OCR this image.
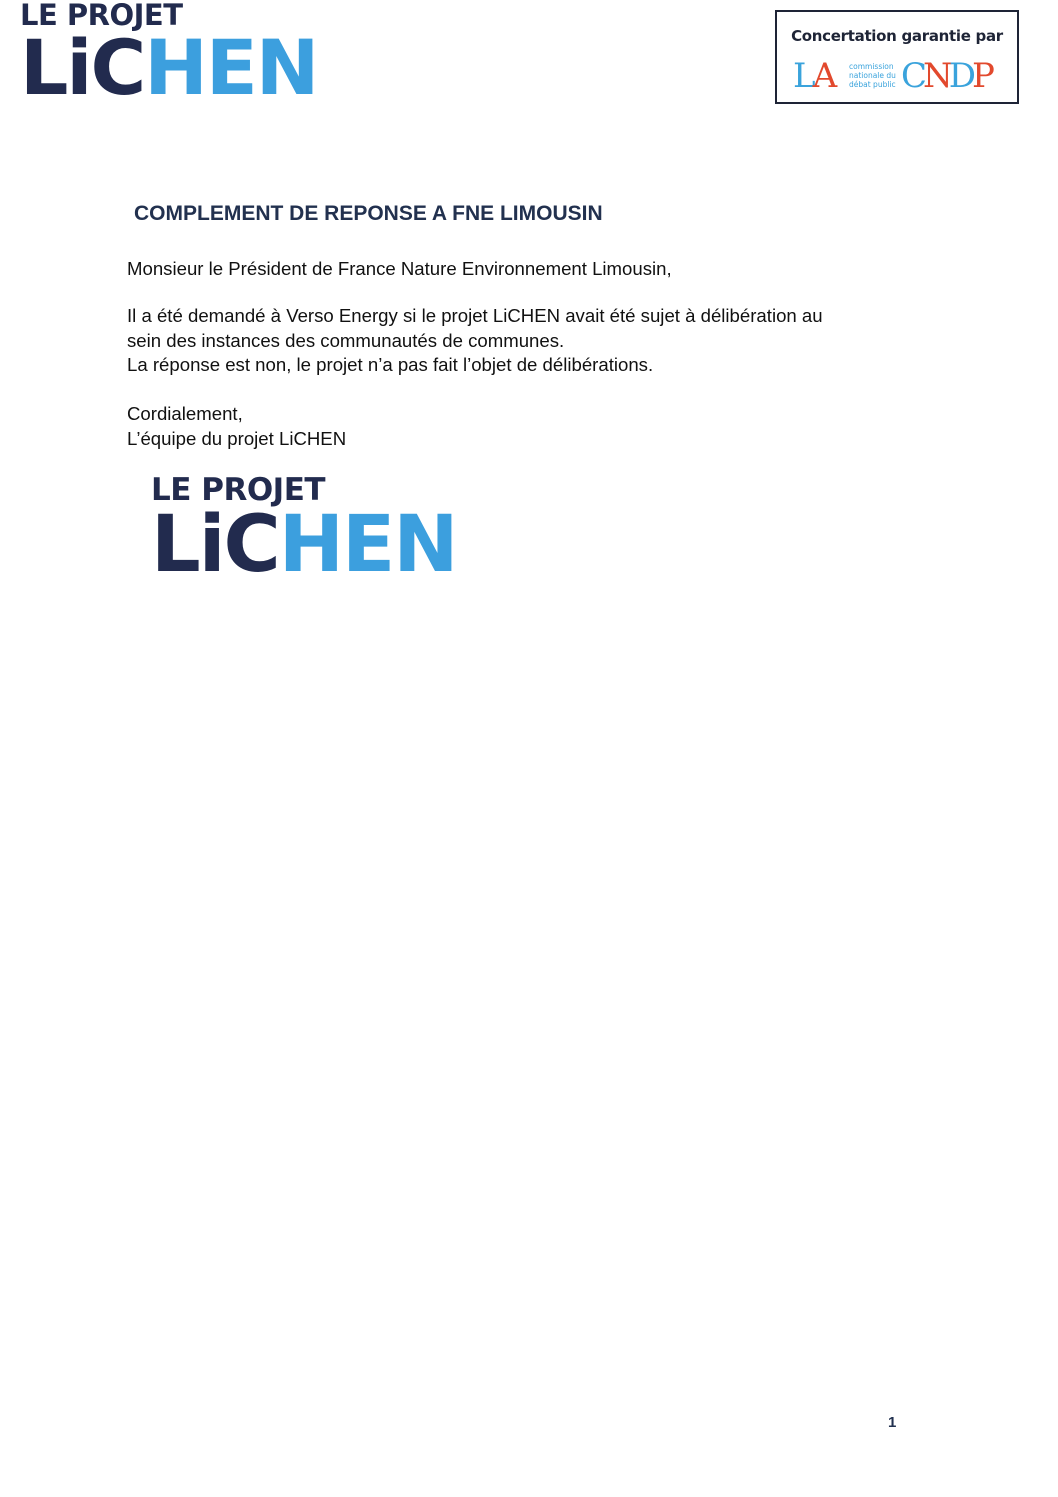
LE PROJET
LiCHEN	Concertation garantie par
LA	commission
nationale du
débat public CNDP
COMPLEMENT DE REPONSE A FNE LIMOUSIN

Monsieur le Président de France Nature Environnement Limousin,

Il a été demandé à Verso Energy si le projet LiCHEN avait été sujet à délibération au
sein des instances des communautés de communes.
La réponse est non, le projet n’a pas fait l’objet de délibérations.

Cordialement,
L’équipe du projet LiCHEN

LE PROJET
LiCHEN
1
